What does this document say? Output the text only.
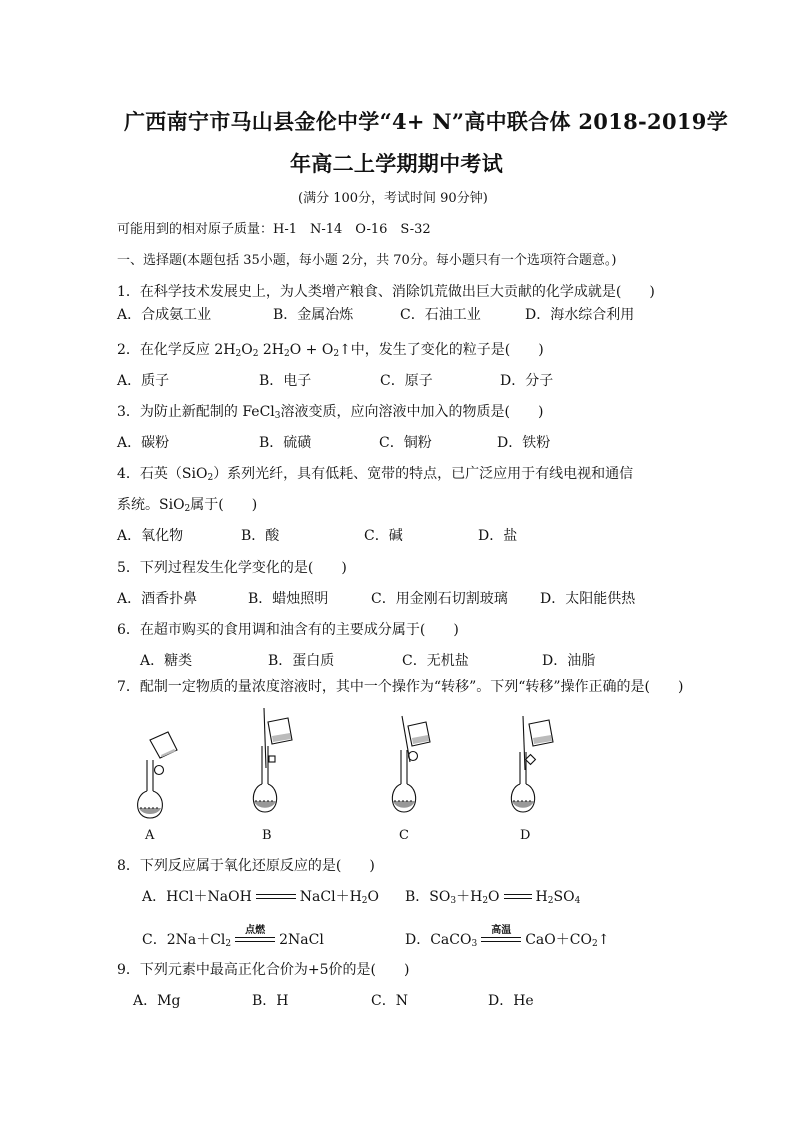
广西南宁市马山县金伦中学“4+ N”高中联合体 2018-2019学
年高二上学期期中考试
(满分 100分，考试时间 90分钟)
可能用到的相对原子质量：H-1　N-14　O-16　S-32
一、选择题(本题包括 35小题，每小题 2分，共 70分。每小题只有一个选项符合题意。)
1．在科学技术发展史上，为人类增产粮食、消除饥荒做出巨大贡献的化学成就是(　　)
A．合成氨工业	B．金属冶炼	C．石油工业	D．海水综合利用
2．在化学反应 $2H_2O_2$ $2H_2O$ + $O_2↑$中，发生了变化的粒子是(　　)
A．质子	B．电子	C．原子	D．分子
3．为防止新配制的 FeCl$_3$溶液变质，应向溶液中加入的物质是(　　)
A．碳粉	B．硫磺	C．铜粉	D．铁粉
4．石英（SiO$_2$）系列光纤，具有低耗、宽带的特点，已广泛应用于有线电视和通信
系统。SiO$_2$属于(　　)
A．氧化物	B．酸	C．碱	D．盐
5．下列过程发生化学变化的是(　　)
A．酒香扑鼻	B．蜡烛照明	C．用金刚石切割玻璃 D．太阳能供热
6．在超市购买的食用调和油含有的主要成分属于(　　)
A．糖类	B．蛋白质	C．无机盐	D．油脂
7．配制一定物质的量浓度溶液时，其中一个操作为“转移”。下列“转移”操作正确的是(　　)
A	B	C	D
8．下列反应属于氧化还原反应的是(　　)
A．HCl＋NaOH	$NaCl+H_2O$ B．$SO_3+H_2O$	$H_2SO_4$
C．$2Na+Cl_2$
点燃
2NaCl	D．CaCO$_3$
高温
$CaO+CO_2↑$
9．下列元素中最高正化合价为+5价的是(　　)
A．Mg	B．H	C．N	D．He
